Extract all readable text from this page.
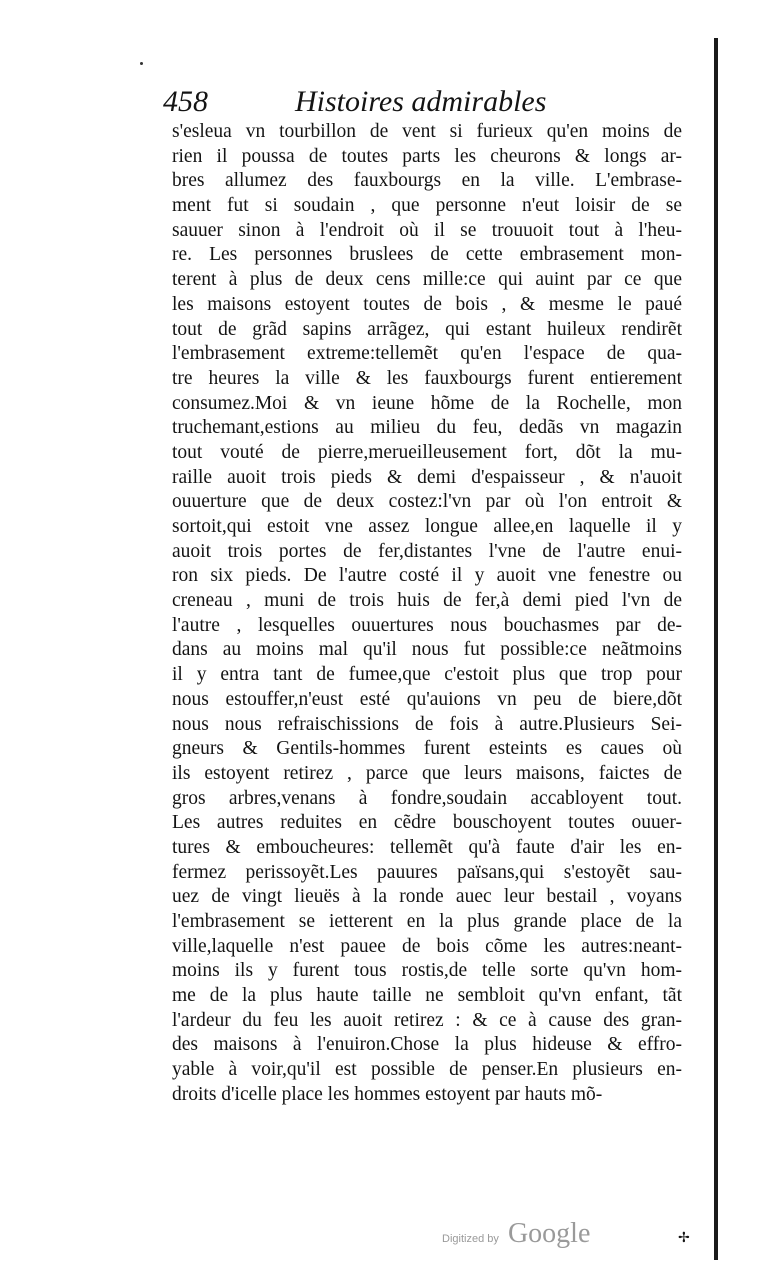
458	Histoires admirables
s'esleua vn tourbillon de vent si furieux qu'en moins de
rien il poussa de toutes parts les cheurons & longs ar-
bres allumez des fauxbourgs en la ville. L'embrase-
ment fut si soudain , que personne n'eut loisir de se
sauuer sinon à l'endroit où il se trouuoit tout à l'heu-
re. Les personnes bruslees de cette embrasement mon-
terent à plus de deux cens mille:ce qui auint par ce que
les maisons estoyent toutes de bois , & mesme le paué
tout de grãd sapins arrãgez, qui estant huileux rendirẽt
l'embrasement extreme:tellemẽt qu'en l'espace de qua-
tre heures la ville & les fauxbourgs furent entierement
consumez.Moi & vn ieune hõme de la Rochelle, mon
truchemant,estions au milieu du feu, dedãs vn magazin
tout vouté de pierre,merueilleusement fort, dõt la mu-
raille auoit trois pieds & demi d'espaisseur , & n'auoit
ouuerture que de deux costez:l'vn par où l'on entroit &
sortoit,qui estoit vne assez longue allee,en laquelle il y
auoit trois portes de fer,distantes l'vne de l'autre enui-
ron six pieds. De l'autre costé il y auoit vne fenestre ou
creneau , muni de trois huis de fer,à demi pied l'vn de
l'autre , lesquelles ouuertures nous bouchasmes par de-
dans au moins mal qu'il nous fut possible:ce neãtmoins
il y entra tant de fumee,que c'estoit plus que trop pour
nous estouffer,n'eust esté qu'auions vn peu de biere,dõt
nous nous refraischissions de fois à autre.Plusieurs Sei-
gneurs & Gentils-hommes furent esteints es caues où
ils estoyent retirez , parce que leurs maisons, faictes de
gros arbres,venans à fondre,soudain accabloyent tout.
Les autres reduites en cẽdre bouschoyent toutes ouuer-
tures & emboucheures: tellemẽt qu'à faute d'air les en-
fermez perissoyẽt.Les pauures païsans,qui s'estoyẽt sau-
uez de vingt lieuës à la ronde auec leur bestail , voyans
l'embrasement se ietterent en la plus grande place de la
ville,laquelle n'est pauee de bois cõme les autres:neant-
moins ils y furent tous rostis,de telle sorte qu'vn hom-
me de la plus haute taille ne sembloit qu'vn enfant, tãt
l'ardeur du feu les auoit retirez : & ce à cause des gran-
des maisons à l'enuiron.Chose la plus hideuse & effro-
yable à voir,qu'il est possible de penser.En plusieurs en-
droits d'icelle place les hommes estoyent par hauts mõ-
✢
Digitized by Google
